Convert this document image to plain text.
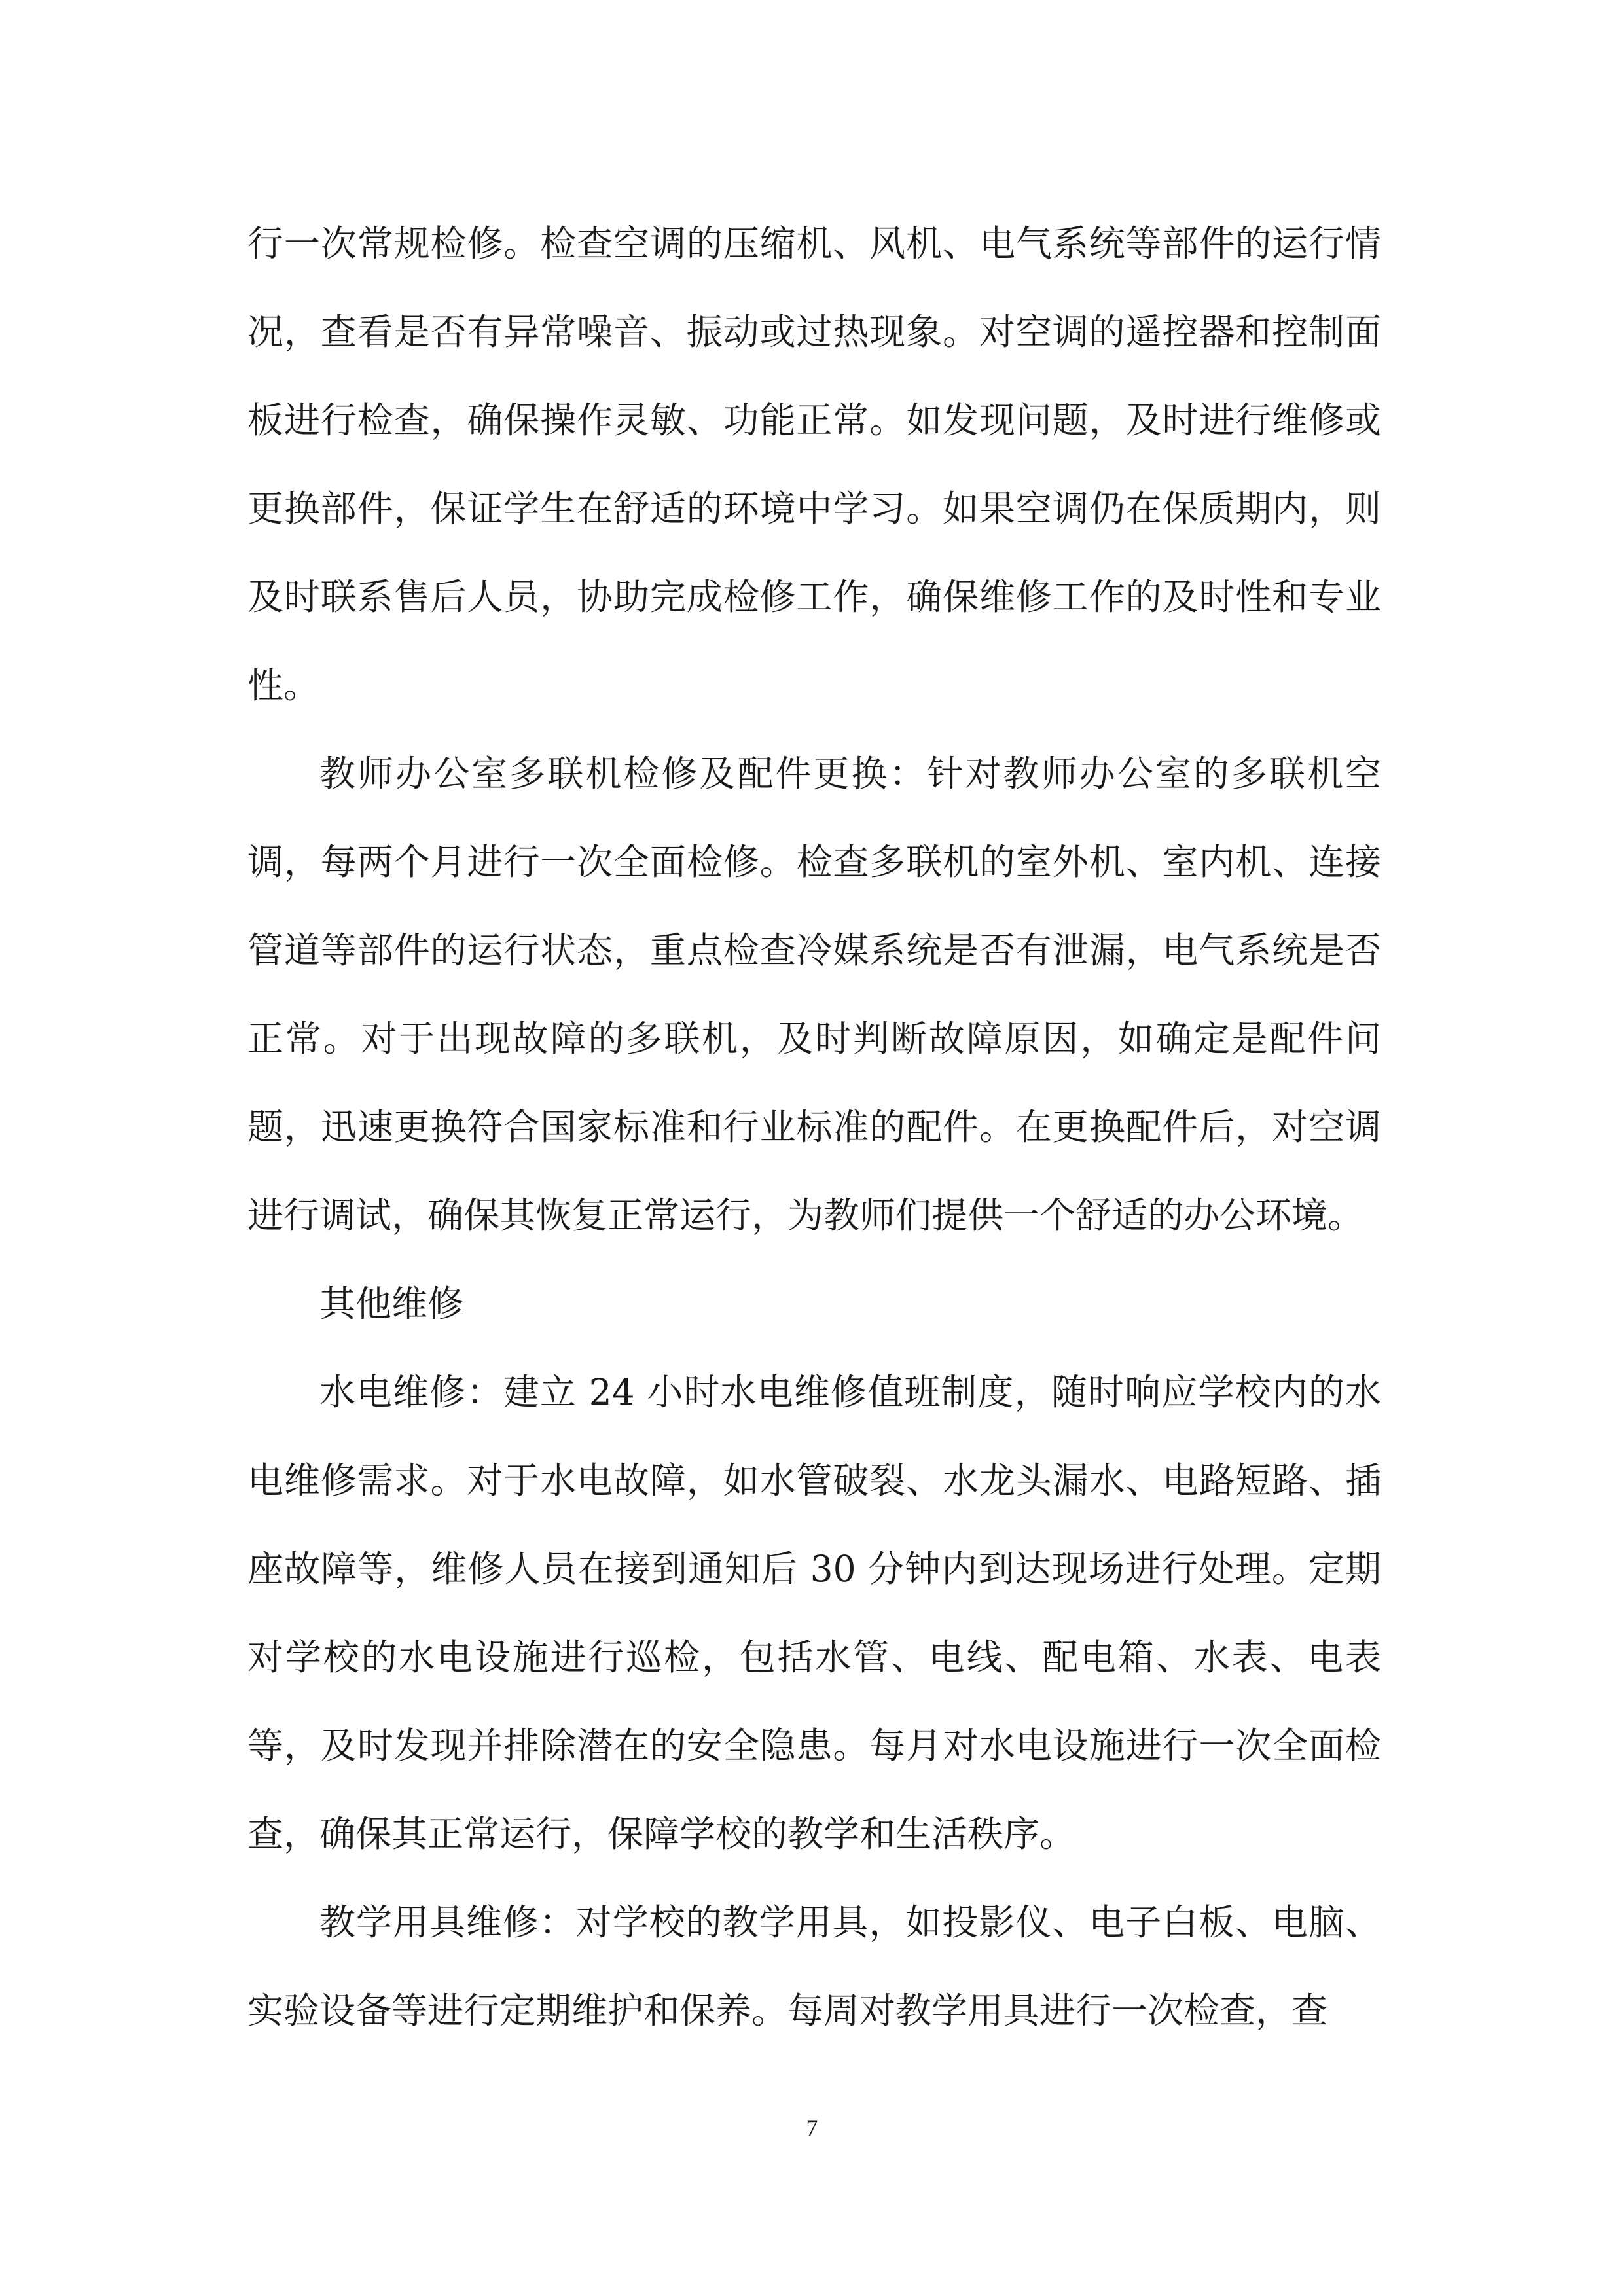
行一次常规检修。检查空调的压缩机、风机、电气系统等部件的运行情况，查看是否有异常噪音、振动或过热现象。对空调的遥控器和控制面板进行检查，确保操作灵敏、功能正常。如发现问题，及时进行维修或更换部件，保证学生在舒适的环境中学习。如果空调仍在保质期内，则及时联系售后人员，协助完成检修工作，确保维修工作的及时性和专业性。

教师办公室多联机检修及配件更换：针对教师办公室的多联机空调，每两个月进行一次全面检修。检查多联机的室外机、室内机、连接管道等部件的运行状态，重点检查冷媒系统是否有泄漏，电气系统是否正常。对于出现故障的多联机，及时判断故障原因，如确定是配件问题，迅速更换符合国家标准和行业标准的配件。在更换配件后，对空调进行调试，确保其恢复正常运行，为教师们提供一个舒适的办公环境。

其他维修

水电维修：建立 24 小时水电维修值班制度，随时响应学校内的水电维修需求。对于水电故障，如水管破裂、水龙头漏水、电路短路、插座故障等，维修人员在接到通知后 30 分钟内到达现场进行处理。定期对学校的水电设施进行巡检，包括水管、电线、配电箱、水表、电表等，及时发现并排除潜在的安全隐患。每月对水电设施进行一次全面检查，确保其正常运行，保障学校的教学和生活秩序。

教学用具维修：对学校的教学用具，如投影仪、电子白板、电脑、实验设备等进行定期维护和保养。每周对教学用具进行一次检查，查

7
